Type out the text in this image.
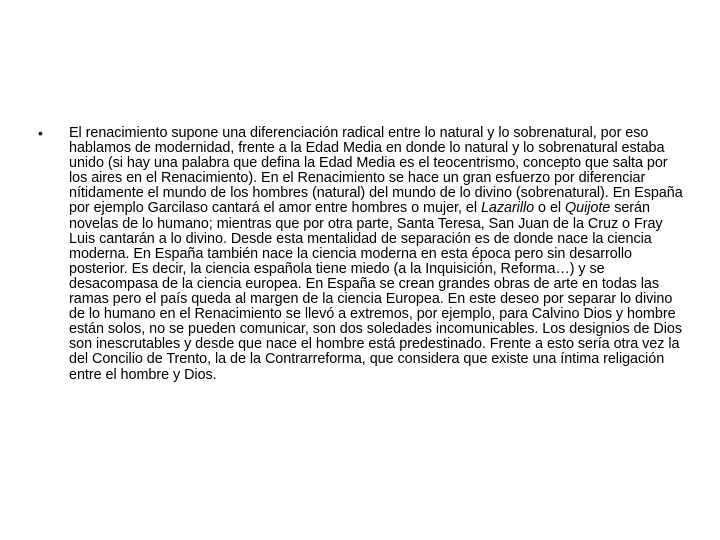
•	El renacimiento supone una diferenciación radical entre lo natural y lo sobrenatural, por eso hablamos de modernidad, frente a la Edad Media en donde lo natural y lo sobrenatural estaba unido (si hay una palabra que defina la Edad Media es el teocentrismo, concepto que salta por los aires en el Renacimiento). En el Renacimiento se hace un gran esfuerzo por diferenciar nítidamente el mundo de los hombres (natural) del mundo de lo divino (sobrenatural). En España por ejemplo Garcilaso cantará el amor entre hombres o mujer, el Lazarillo o el Quijote serán novelas de lo humano; mientras que por otra parte, Santa Teresa, San Juan de la Cruz o Fray Luis cantarán a lo divino. Desde esta mentalidad de separación es de donde nace la ciencia moderna. En España también nace la ciencia moderna en esta época pero sin desarrollo posterior. Es decir, la ciencia española tiene miedo (a la Inquisición, Reforma…) y se desacompasa de la ciencia europea. En España se crean grandes obras de arte en todas las ramas pero el país queda al margen de la ciencia Europea. En este deseo por separar lo divino de lo humano en el Renacimiento se llevó a extremos, por ejemplo, para Calvino Dios y hombre están solos, no se pueden comunicar, son dos soledades incomunicables. Los designios de Dios son inescrutables y desde que nace el hombre está predestinado. Frente a esto sería otra vez la del Concilio de Trento, la de la Contrarreforma, que considera que existe una íntima religación entre el hombre y Dios.
